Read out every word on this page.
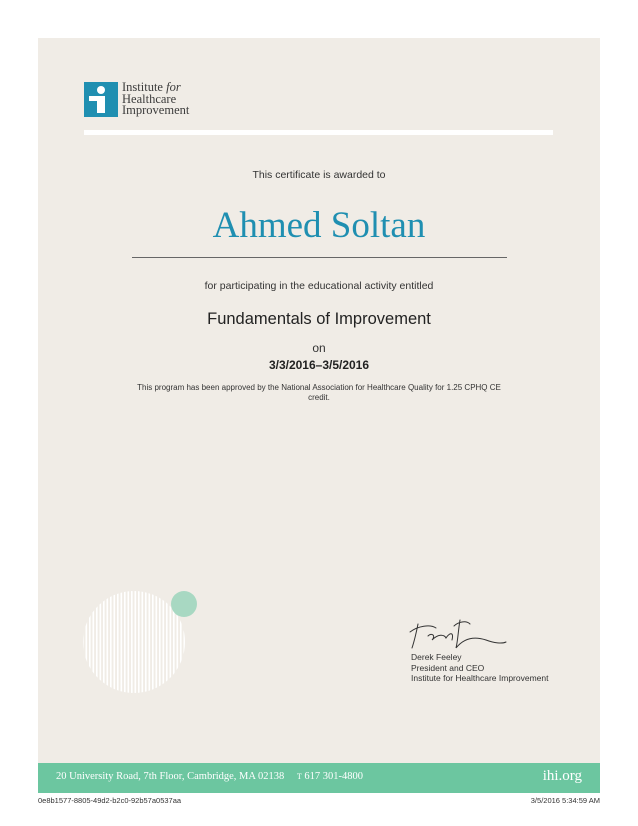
Institute for
Healthcare
Improvement
This certificate is awarded to
Ahmed Soltan
for participating in the educational activity entitled
Fundamentals of Improvement
on
3/3/2016–3/5/2016
This program has been approved by the National Association for Healthcare Quality for 1.25 CPHQ CE credit.
Derek Feeley
President and CEO
Institute for Healthcare Improvement
20 University Road, 7th Floor, Cambridge, MA 02138 T 617 301-4800	ihi.org
0e8b1577-8805-49d2-b2c0-92b57a0537aa	3/5/2016 5:34:59 AM
